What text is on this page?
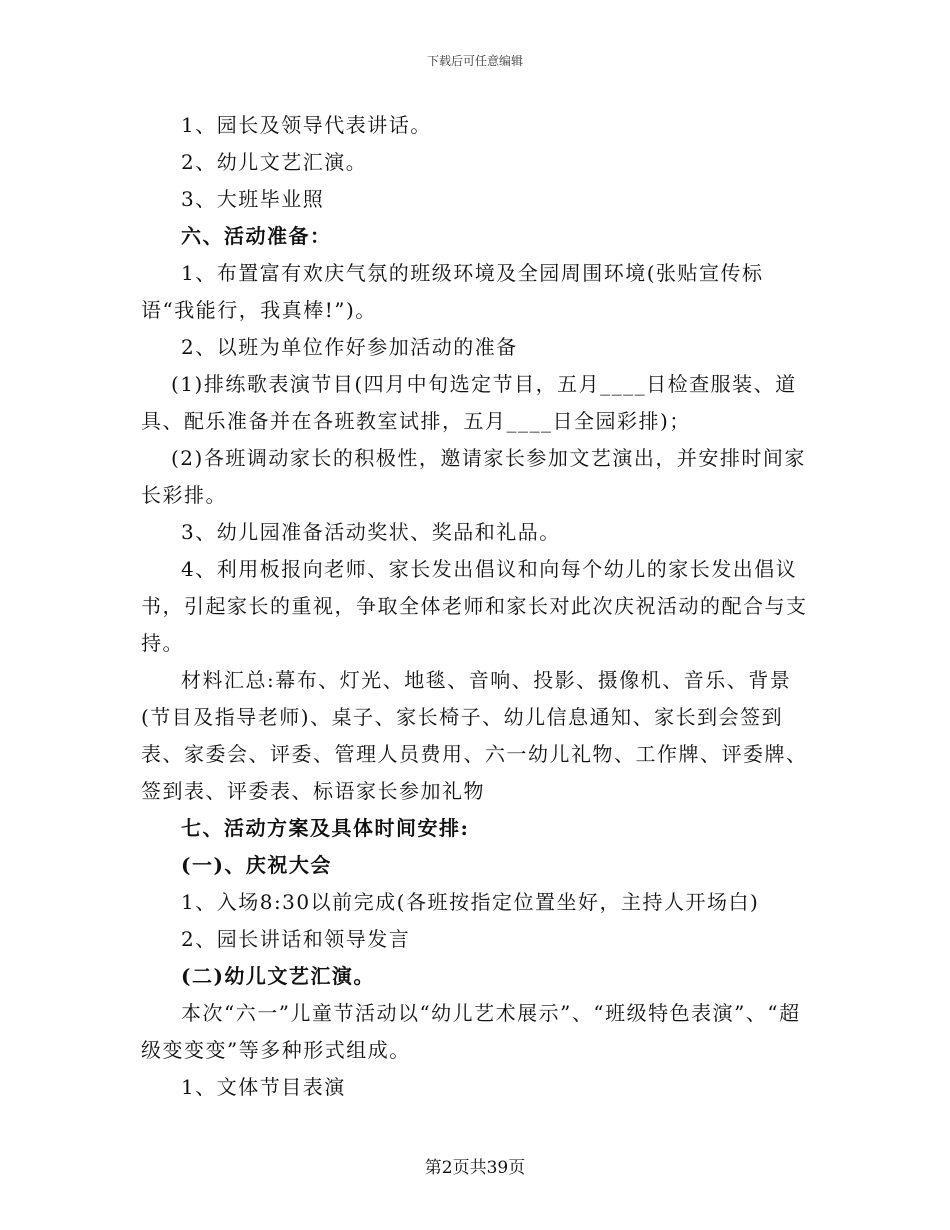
下载后可任意编辑

1、园长及领导代表讲话。

2、幼儿文艺汇演。

3、大班毕业照

六、活动准备：

1、布置富有欢庆气氛的班级环境及全园周围环境(张贴宣传标语“我能行，我真棒!”)。

2、以班为单位作好参加活动的准备

(1)排练歌表演节目(四月中旬选定节目，五月____日检查服装、道具、配乐准备并在各班教室试排，五月____日全园彩排)；

(2)各班调动家长的积极性，邀请家长参加文艺演出，并安排时间家长彩排。

3、幼儿园准备活动奖状、奖品和礼品。

4、利用板报向老师、家长发出倡议和向每个幼儿的家长发出倡议书，引起家长的重视，争取全体老师和家长对此次庆祝活动的配合与支持。

材料汇总:幕布、灯光、地毯、音响、投影、摄像机、音乐、背景(节目及指导老师)、桌子、家长椅子、幼儿信息通知、家长到会签到表、家委会、评委、管理人员费用、六一幼儿礼物、工作牌、评委牌、签到表、评委表、标语家长参加礼物

七、活动方案及具体时间安排:

(一)、庆祝大会

1、入场8:30以前完成(各班按指定位置坐好，主持人开场白)

2、园长讲话和领导发言

(二)幼儿文艺汇演。

本次“六一”儿童节活动以“幼儿艺术展示”、“班级特色表演”、“超级变变变”等多种形式组成。

1、文体节目表演

第2页共39页
